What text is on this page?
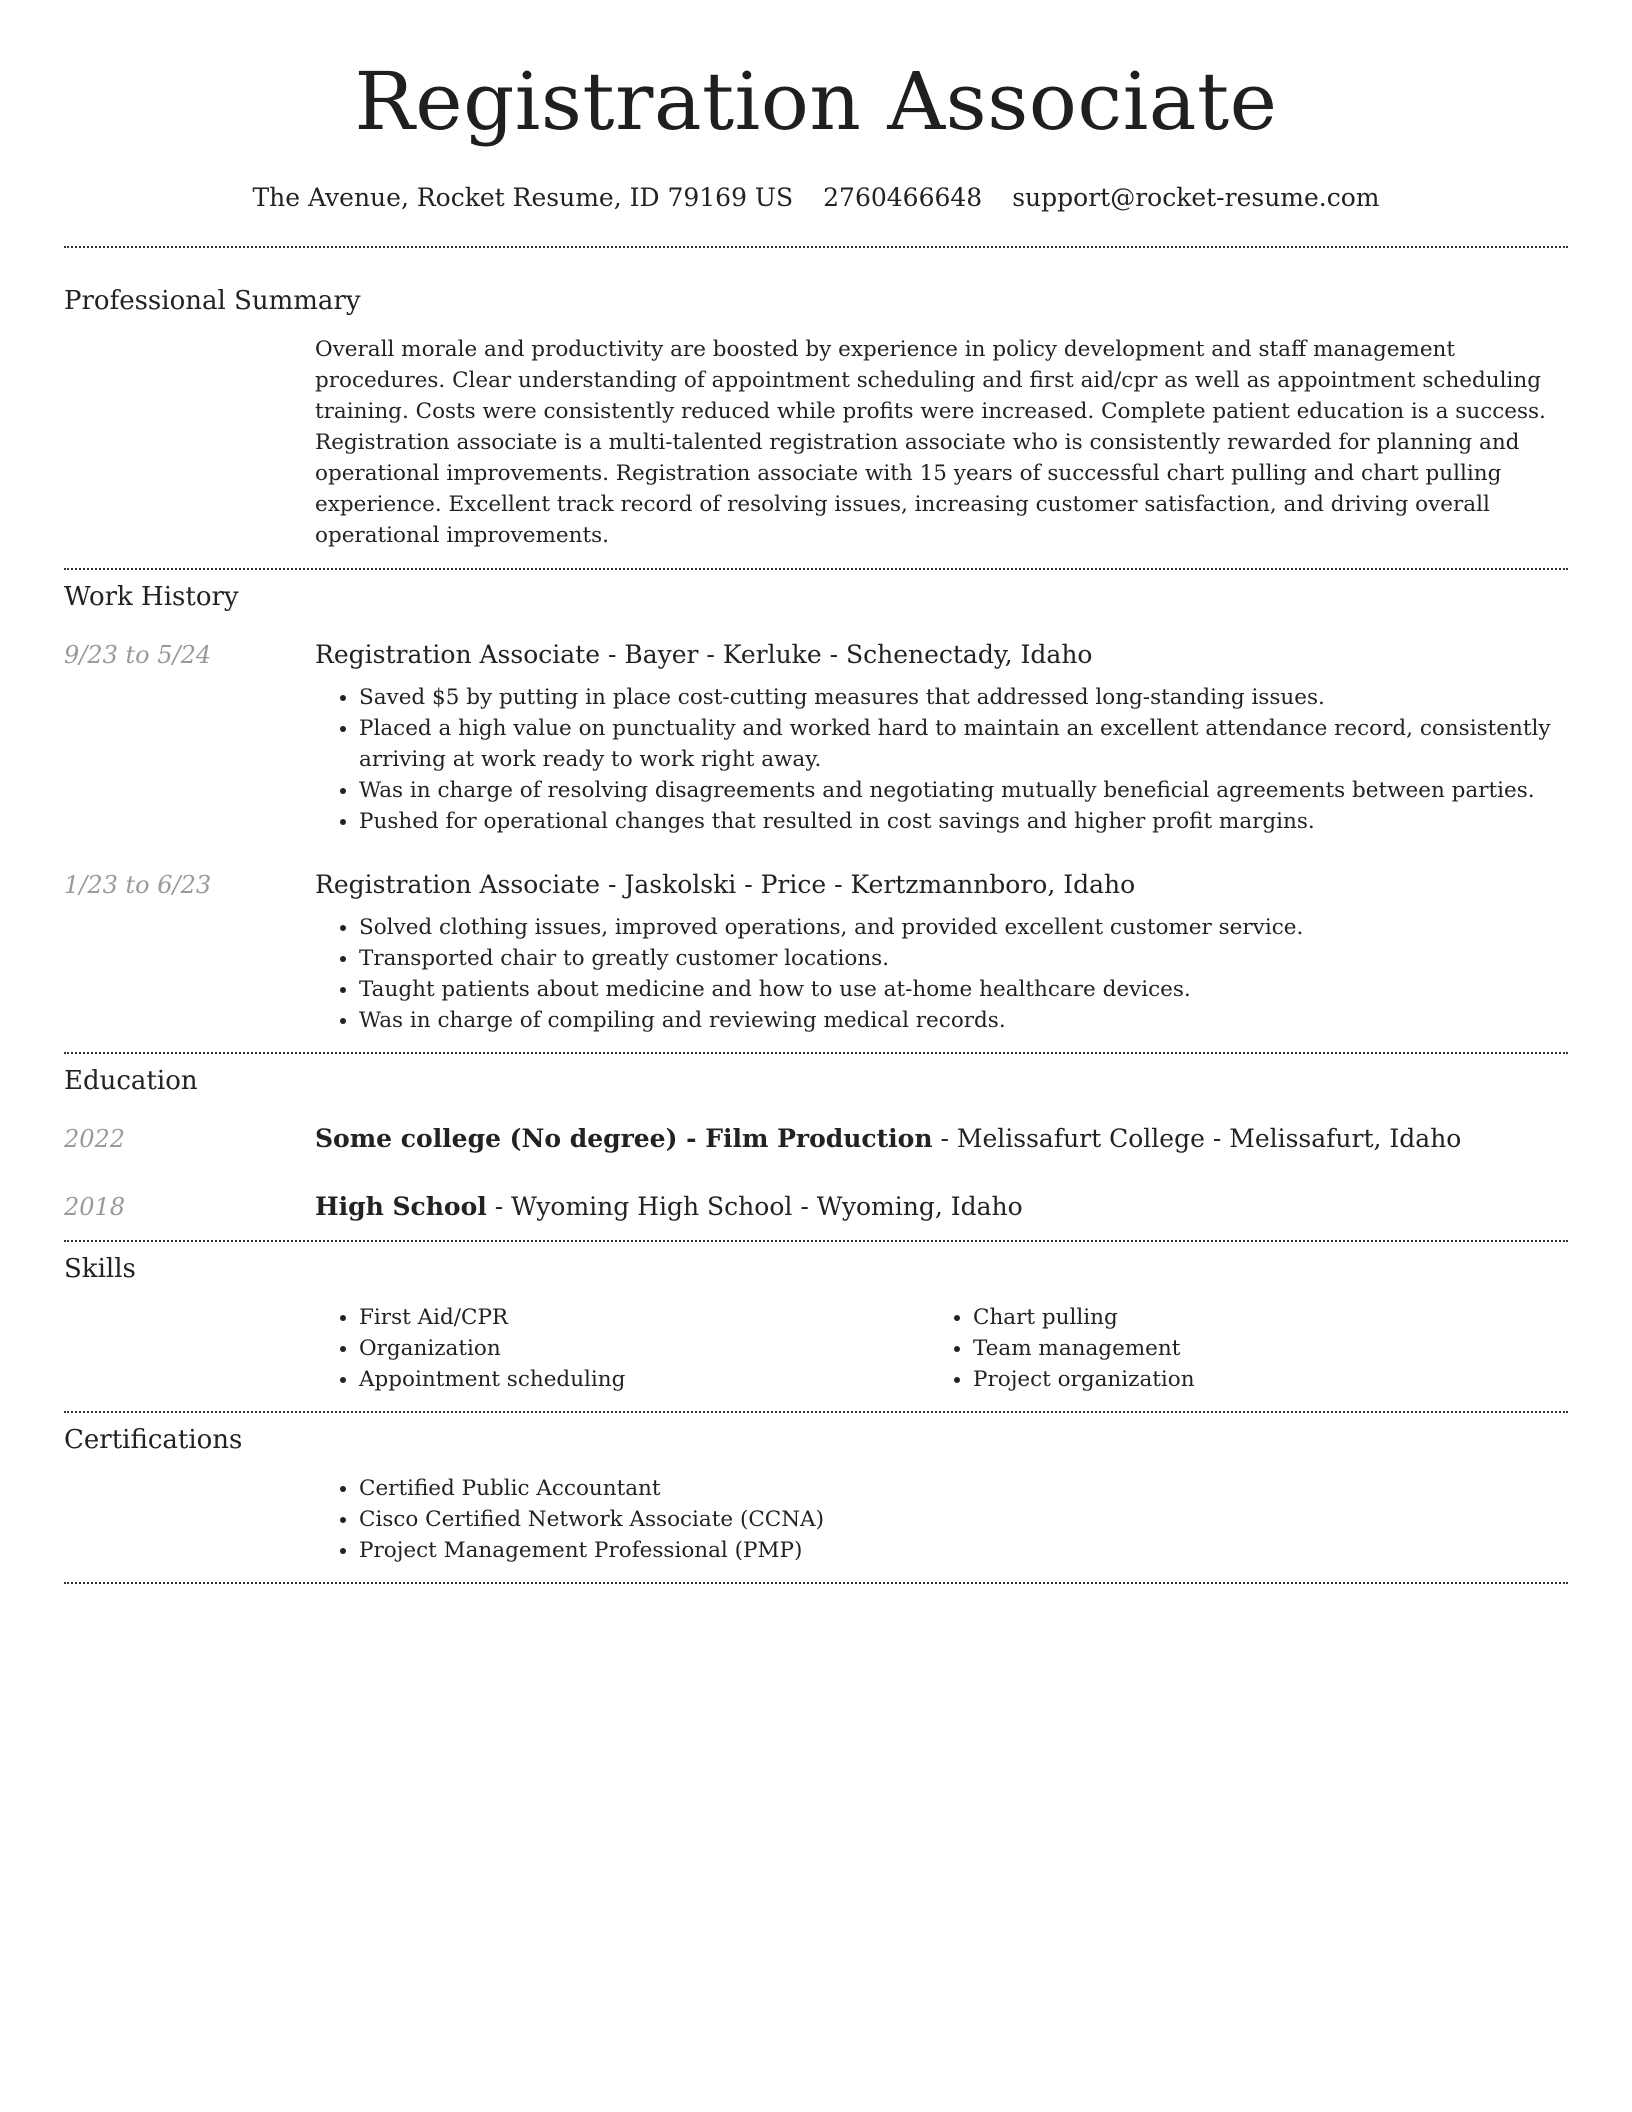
Registration Associate
The Avenue, Rocket Resume, ID 79169 US 2760466648 support@rocket-resume.com
Professional Summary

Overall morale and productivity are boosted by experience in policy development and staff management procedures. Clear understanding of appointment scheduling and first aid/cpr as well as appointment scheduling training. Costs were consistently reduced while profits were increased. Complete patient education is a success. Registration associate is a multi-talented registration associate who is consistently rewarded for planning and operational improvements. Registration associate with 15 years of successful chart pulling and chart pulling experience. Excellent track record of resolving issues, increasing customer satisfaction, and driving overall operational improvements.

Work History
9/23 to 5/24	Registration Associate - Bayer - Kerluke - Schenectady, Idaho

• Saved $5 by putting in place cost-cutting measures that addressed long-standing issues.
• Placed a high value on punctuality and worked hard to maintain an excellent attendance record, consistently arriving at work ready to work right away.
• Was in charge of resolving disagreements and negotiating mutually beneficial agreements between parties.
• Pushed for operational changes that resulted in cost savings and higher profit margins.
1/23 to 6/23	Registration Associate - Jaskolski - Price - Kertzmannboro, Idaho

• Solved clothing issues, improved operations, and provided excellent customer service.
• Transported chair to greatly customer locations.
• Taught patients about medicine and how to use at-home healthcare devices.
• Was in charge of compiling and reviewing medical records.
Education
2022	Some college (No degree) - Film Production - Melissafurt College - Melissafurt, Idaho

2018	High School - Wyoming High School - Wyoming, Idaho

Skills
• First Aid/CPR
• Organization
• Appointment scheduling
• Chart pulling
• Team management
• Project organization
Certifications
• Certified Public Accountant
• Cisco Certified Network Associate (CCNA)
• Project Management Professional (PMP)
